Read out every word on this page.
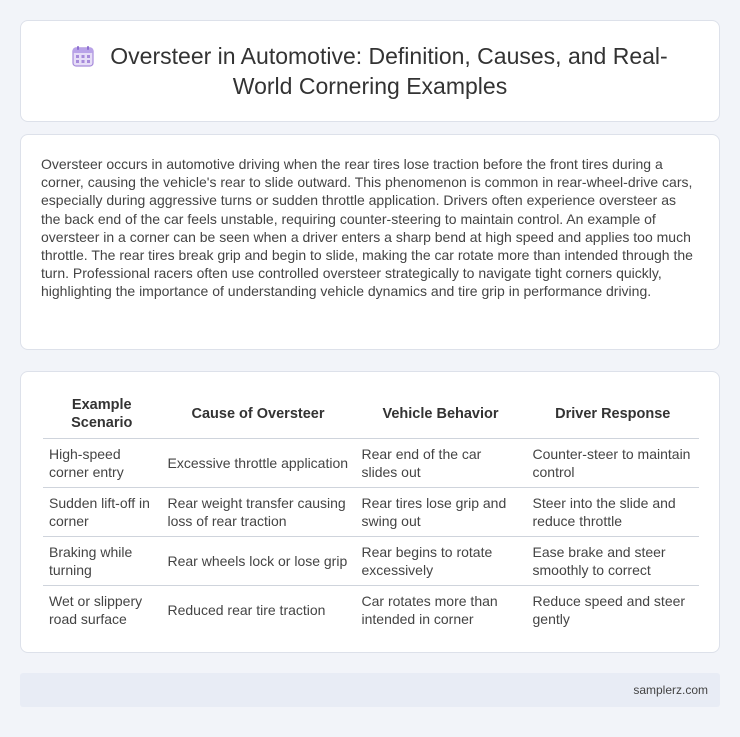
Oversteer in Automotive: Definition, Causes, and Real-World Cornering Examples

Oversteer occurs in automotive driving when the rear tires lose traction before the front tires during a corner, causing the vehicle's rear to slide outward. This phenomenon is common in rear-wheel-drive cars, especially during aggressive turns or sudden throttle application. Drivers often experience oversteer as the back end of the car feels unstable, requiring counter-steering to maintain control. An example of oversteer in a corner can be seen when a driver enters a sharp bend at high speed and applies too much throttle. The rear tires break grip and begin to slide, making the car rotate more than intended through the turn. Professional racers often use controlled oversteer strategically to navigate tight corners quickly, highlighting the importance of understanding vehicle dynamics and tire grip in performance driving.

Example Scenario	Cause of Oversteer	Vehicle Behavior	Driver Response
High-speed corner entry	Excessive throttle application	Rear end of the car slides out	Counter-steer to maintain control
Sudden lift-off in corner	Rear weight transfer causing loss of rear traction	Rear tires lose grip and swing out	Steer into the slide and reduce throttle
Braking while turning	Rear wheels lock or lose grip	Rear begins to rotate excessively	Ease brake and steer smoothly to correct
Wet or slippery road surface	Reduced rear tire traction	Car rotates more than intended in corner	Reduce speed and steer gently
samplerz.com
